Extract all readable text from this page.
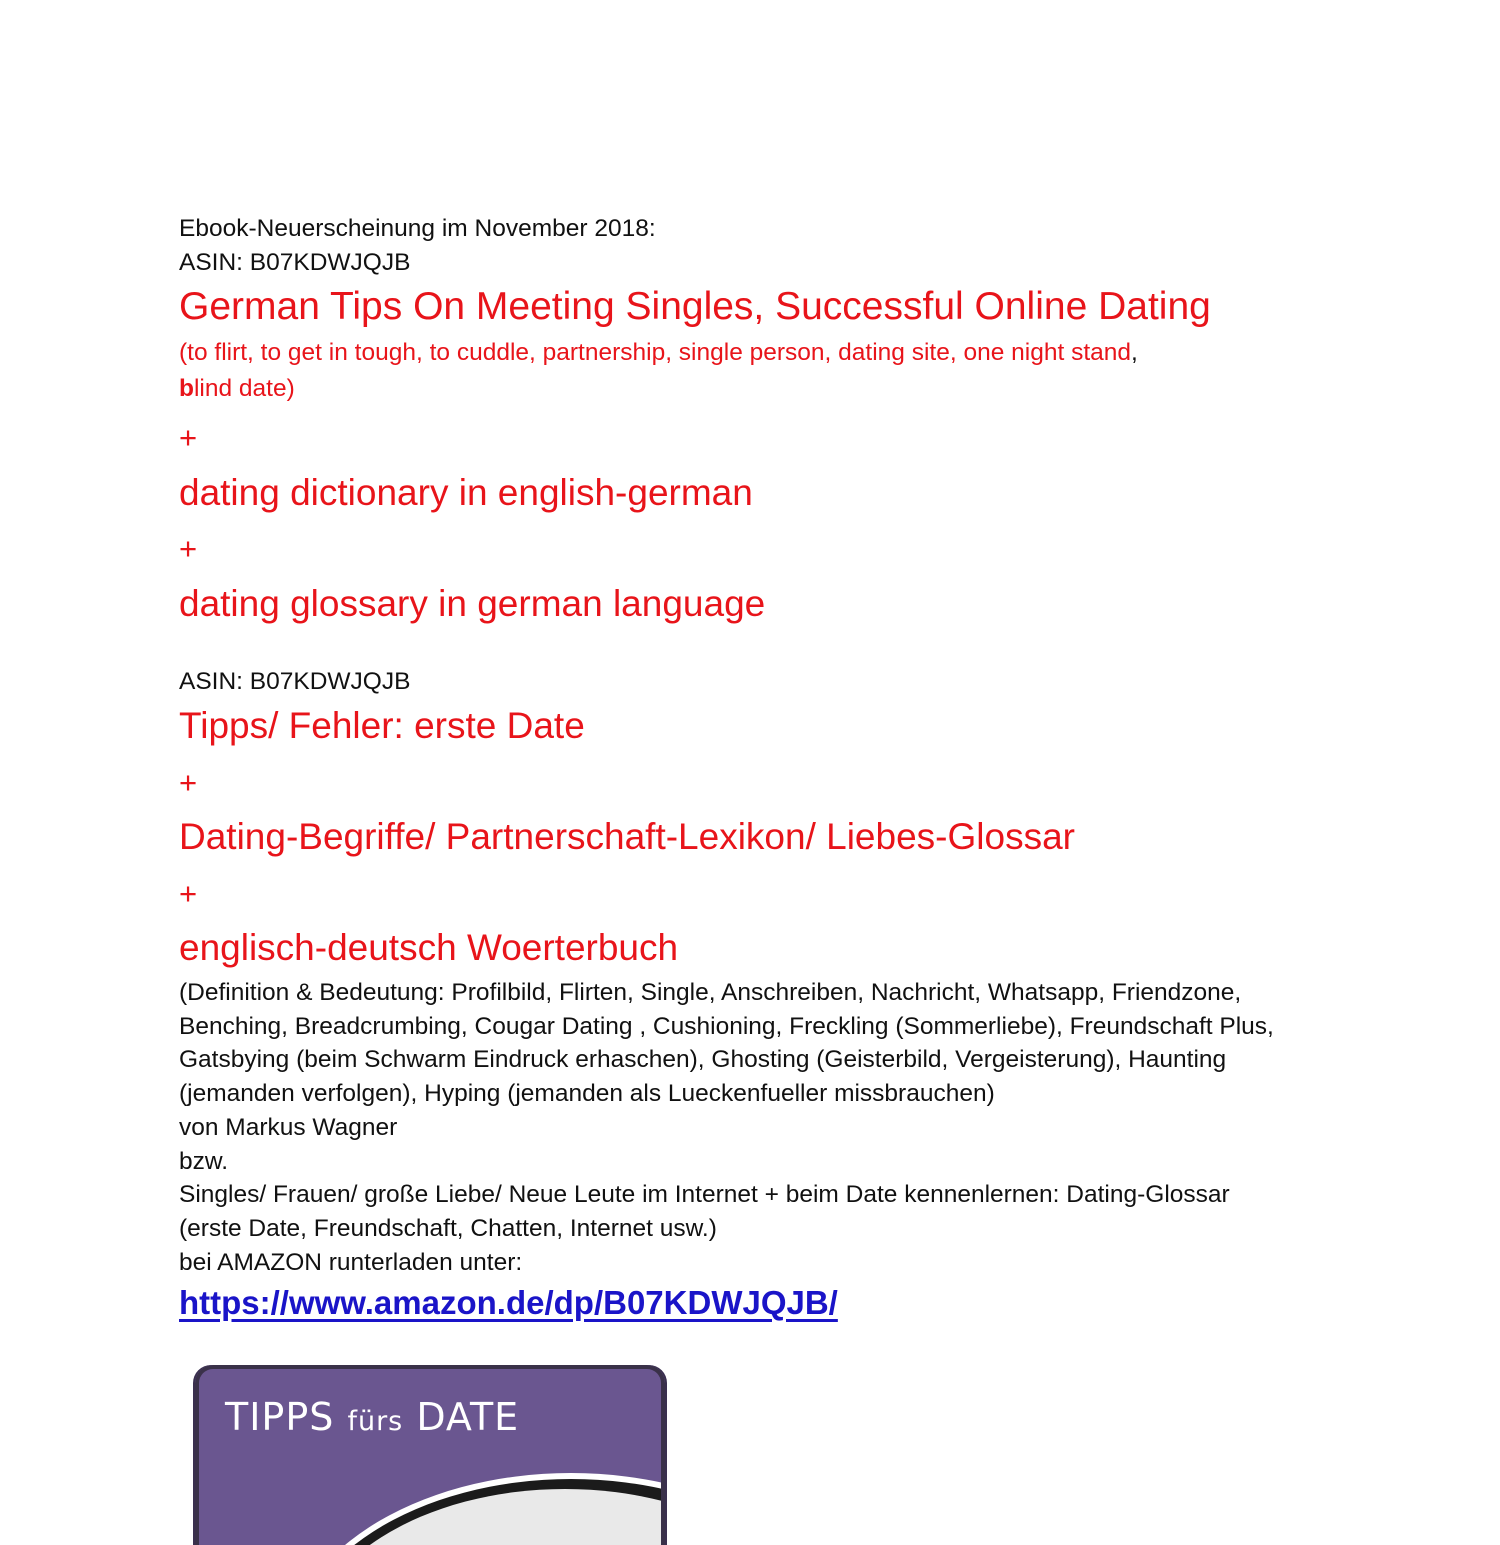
Ebook-Neuerscheinung im November 2018:
ASIN: B07KDWJQJB
German Tips On Meeting Singles, Successful Online Dating
(to flirt, to get in tough, to cuddle, partnership, single person, dating site, one night stand,
blind date)
+
dating dictionary in english-german
+
dating glossary in german language
ASIN: B07KDWJQJB
Tipps/ Fehler: erste Date
+
Dating-Begriffe/ Partnerschaft-Lexikon/ Liebes-Glossar
+
englisch-deutsch Woerterbuch
(Definition & Bedeutung: Profilbild, Flirten, Single, Anschreiben, Nachricht, Whatsapp, Friendzone,
Benching, Breadcrumbing, Cougar Dating , Cushioning, Freckling (Sommerliebe), Freundschaft Plus,
Gatsbying (beim Schwarm Eindruck erhaschen), Ghosting (Geisterbild, Vergeisterung), Haunting
(jemanden verfolgen), Hyping (jemanden als Lueckenfueller missbrauchen)
von Markus Wagner
bzw.
Singles/ Frauen/ große Liebe/ Neue Leute im Internet + beim Date kennenlernen: Dating-Glossar
(erste Date, Freundschaft, Chatten, Internet usw.)
bei AMAZON runterladen unter:
https://www.amazon.de/dp/B07KDWJQJB/
TIPPS fürs DATE
